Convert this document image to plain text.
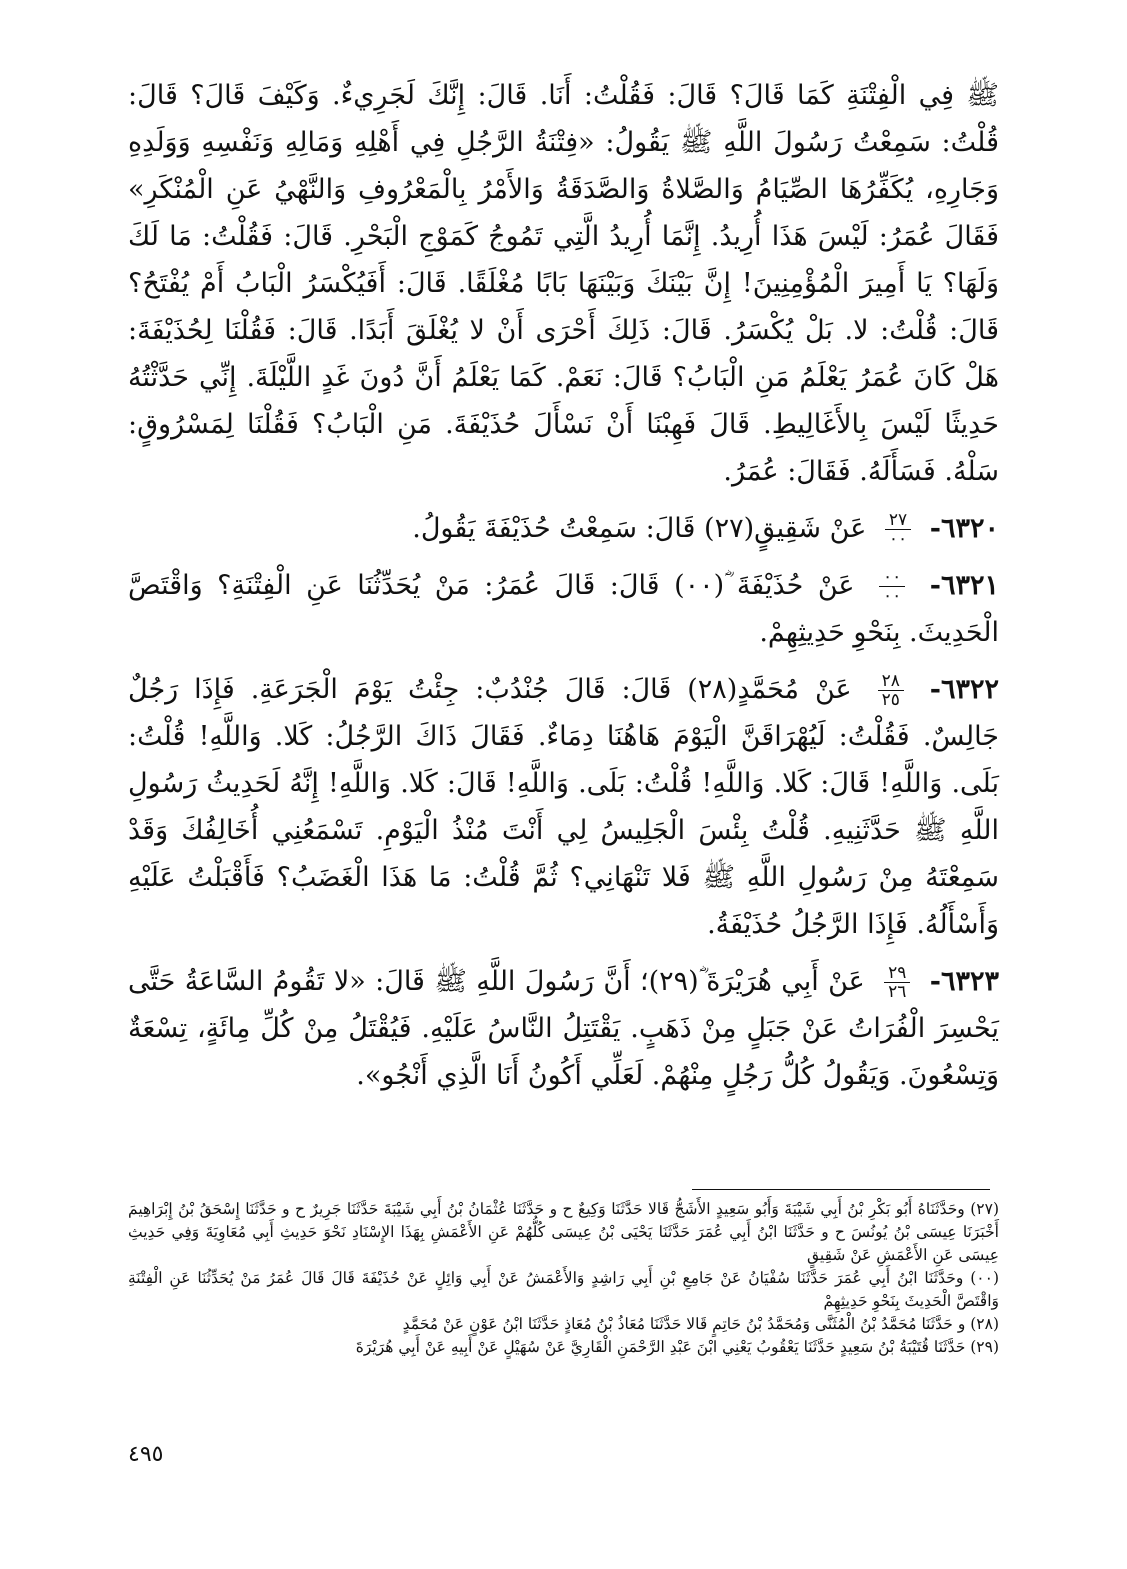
ﷺ فِي الْفِتْنَةِ كَمَا قَالَ؟ قَالَ: فَقُلْتُ: أَنَا. قَالَ: إِنَّكَ لَجَرِيءٌ. وَكَيْفَ قَالَ؟ قَالَ: قُلْتُ: سَمِعْتُ رَسُولَ اللَّهِ ﷺ يَقُولُ: «فِتْنَةُ الرَّجُلِ فِي أَهْلِهِ وَمَالِهِ وَنَفْسِهِ وَوَلَدِهِ وَجَارِهِ، يُكَفِّرُهَا الصِّيَامُ وَالصَّلاةُ وَالصَّدَقَةُ وَالأَمْرُ بِالْمَعْرُوفِ وَالنَّهْيُ عَنِ الْمُنْكَرِ» فَقَالَ عُمَرُ: لَيْسَ هَذَا أُرِيدُ. إِنَّمَا أُرِيدُ الَّتِي تَمُوجُ كَمَوْجِ الْبَحْرِ. قَالَ: فَقُلْتُ: مَا لَكَ وَلَهَا؟ يَا أَمِيرَ الْمُؤْمِنِينَ! إِنَّ بَيْنَكَ وَبَيْنَهَا بَابًا مُغْلَقًا. قَالَ: أَفَيُكْسَرُ الْبَابُ أَمْ يُفْتَحُ؟ قَالَ: قُلْتُ: لا. بَلْ يُكْسَرُ. قَالَ: ذَلِكَ أَحْرَى أَنْ لا يُغْلَقَ أَبَدًا. قَالَ: فَقُلْنَا لِحُذَيْفَةَ: هَلْ كَانَ عُمَرُ يَعْلَمُ مَنِ الْبَابُ؟ قَالَ: نَعَمْ. كَمَا يَعْلَمُ أَنَّ دُونَ غَدٍ اللَّيْلَةَ. إِنِّي حَدَّثْتُهُ حَدِيثًا لَيْسَ بِالأَغَالِيطِ. قَالَ فَهِبْنَا أَنْ نَسْأَلَ حُذَيْفَةَ. مَنِ الْبَابُ؟ فَقُلْنَا لِمَسْرُوقٍ: سَلْهُ. فَسَأَلَهُ. فَقَالَ: عُمَرُ.

٦٣٢٠-
$\frac{٢٧}{٠٠}$
عَنْ شَقِيقٍ(٢٧) قَالَ: سَمِعْتُ حُذَيْفَةَ يَقُولُ.

٦٣٢١-
$\frac{٠٠}{٠٠}$
عَنْ حُذَيْفَةَ ؓ(٠٠) قَالَ: قَالَ عُمَرُ: مَنْ يُحَدِّثُنَا عَنِ الْفِتْنَةِ؟ وَاقْتَصَّ الْحَدِيثَ. بِنَحْوِ حَدِيثِهِمْ.

٦٣٢٢-
$\frac{٢٨}{٢٥}$
عَنْ مُحَمَّدٍ(٢٨) قَالَ: قَالَ جُنْدُبٌ: جِئْتُ يَوْمَ الْجَرَعَةِ. فَإِذَا رَجُلٌ جَالِسٌ. فَقُلْتُ: لَيُهْرَاقَنَّ الْيَوْمَ هَاهُنَا دِمَاءٌ. فَقَالَ ذَاكَ الرَّجُلُ: كَلا. وَاللَّهِ! قُلْتُ: بَلَى. وَاللَّهِ! قَالَ: كَلا. وَاللَّهِ! قُلْتُ: بَلَى. وَاللَّهِ! قَالَ: كَلا. وَاللَّهِ! إِنَّهُ لَحَدِيثُ رَسُولِ اللَّهِ ﷺ حَدَّثَنِيهِ. قُلْتُ بِئْسَ الْجَلِيسُ لِي أَنْتَ مُنْذُ الْيَوْمِ. تَسْمَعُنِي أُخَالِفُكَ وَقَدْ سَمِعْتَهُ مِنْ رَسُولِ اللَّهِ ﷺ فَلا تَنْهَانِي؟ ثُمَّ قُلْتُ: مَا هَذَا الْغَضَبُ؟ فَأَقْبَلْتُ عَلَيْهِ وَأَسْأَلُهُ. فَإِذَا الرَّجُلُ حُذَيْفَةُ.

٦٣٢٣-
$\frac{٢٩}{٢٦}$
عَنْ أَبِي هُرَيْرَةَ ؓ(٢٩)؛ أَنَّ رَسُولَ اللَّهِ ﷺ قَالَ: «لا تَقُومُ السَّاعَةُ حَتَّى يَحْسِرَ الْفُرَاتُ عَنْ جَبَلٍ مِنْ ذَهَبٍ. يَقْتَتِلُ النَّاسُ عَلَيْهِ. فَيُقْتَلُ مِنْ كُلِّ مِائَةٍ، تِسْعَةٌ وَتِسْعُونَ. وَيَقُولُ كُلُّ رَجُلٍ مِنْهُمْ. لَعَلِّي أَكُونُ أَنَا الَّذِي أَنْجُو».

(٢٧) وحَدَّثَنَاهُ أَبُو بَكْرِ بْنُ أَبِي شَيْبَةَ وَأَبُو سَعِيدٍ الأَشَجُّ قَالا حَدَّثَنَا وَكِيعٌ ح و حَدَّثَنَا عُثْمَانُ بْنُ أَبِي شَيْبَةَ حَدَّثَنَا جَرِيرٌ ح و حَدَّثَنَا إِسْحَقُ بْنُ إِبْرَاهِيمَ أَخْبَرَنَا عِيسَى بْنُ يُونُسَ ح و حَدَّثَنَا ابْنُ أَبِي عُمَرَ حَدَّثَنَا يَحْيَى بْنُ عِيسَى كُلُّهُمْ عَنِ الأَعْمَشِ بِهَذَا الإِسْنَادِ نَحْوَ حَدِيثِ أَبِي مُعَاوِيَةَ وَفِي حَدِيثِ عِيسَى عَنِ الأَعْمَشِ عَنْ شَقِيقٍ

(٠٠) وحَدَّثَنَا ابْنُ أَبِي عُمَرَ حَدَّثَنَا سُفْيَانُ عَنْ جَامِعِ بْنِ أَبِي رَاشِدٍ وَالأَعْمَشُ عَنْ أَبِي وَائِلٍ عَنْ حُذَيْفَةَ قَالَ قَالَ عُمَرُ مَنْ يُحَدِّثُنَا عَنِ الْفِتْنَةِ وَاقْتَصَّ الْحَدِيثَ بِنَحْوِ حَدِيثِهِمْ

(٢٨) و حَدَّثَنَا مُحَمَّدُ بْنُ الْمُثَنَّى وَمُحَمَّدُ بْنُ حَاتِمٍ قَالا حَدَّثَنَا مُعَاذُ بْنُ مُعَاذٍ حَدَّثَنَا ابْنُ عَوْنٍ عَنْ مُحَمَّدٍ

(٢٩) حَدَّثَنَا قُتَيْبَةُ بْنُ سَعِيدٍ حَدَّثَنَا يَعْقُوبُ يَعْنِي ابْنَ عَبْدِ الرَّحْمَنِ الْقَارِيَّ عَنْ سُهَيْلٍ عَنْ أَبِيهِ عَنْ أَبِي هُرَيْرَةَ

٤٩٥
